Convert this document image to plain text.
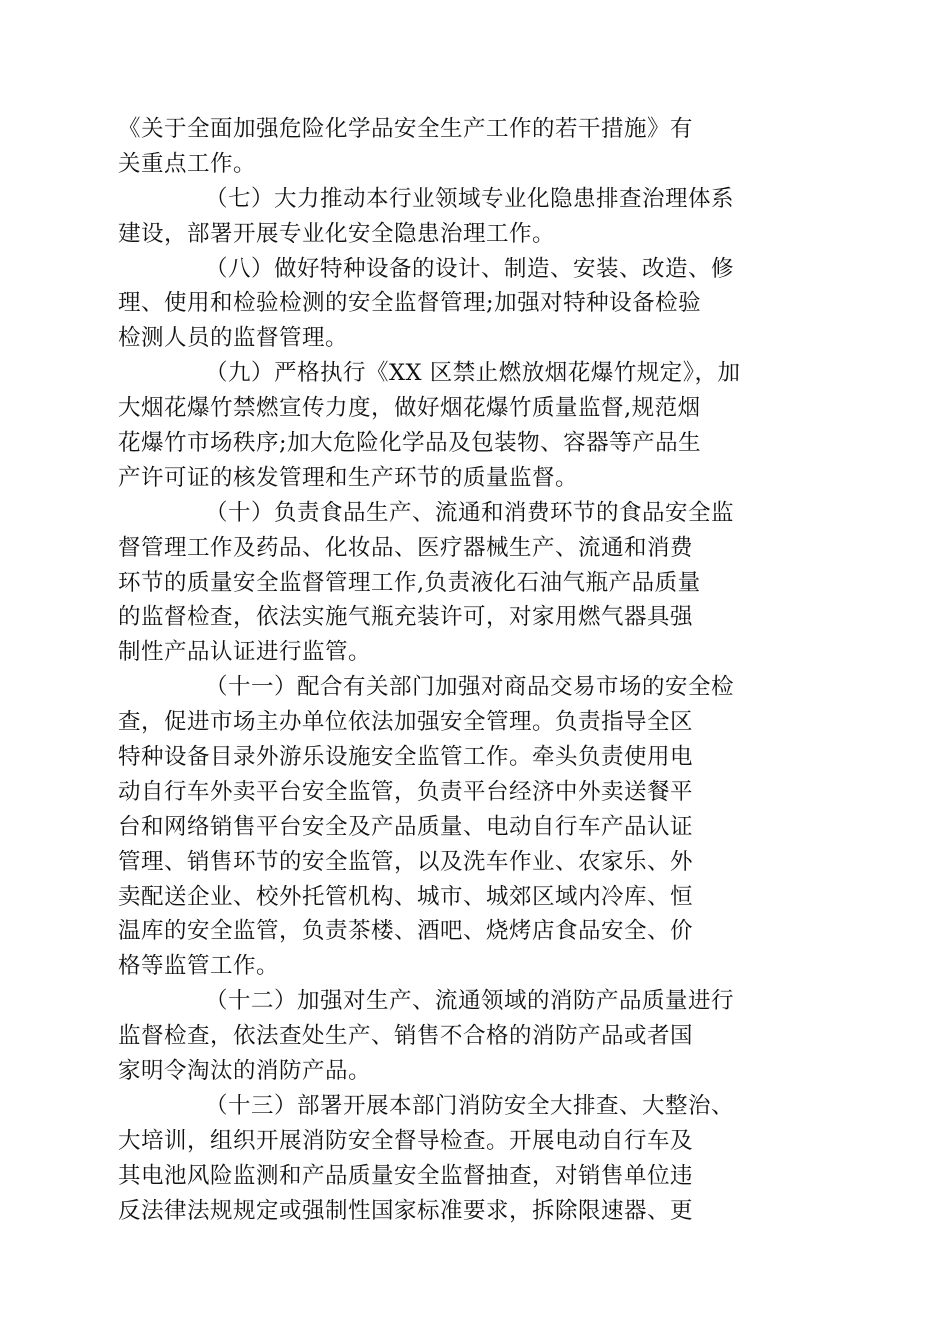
《关于全面加强危险化学品安全生产工作的若干措施》有
关重点工作。
（七）大力推动本行业领域专业化隐患排查治理体系
建设，部署开展专业化安全隐患治理工作。
（八）做好特种设备的设计、制造、安装、改造、修
理、使用和检验检测的安全监督管理;加强对特种设备检验
检测人员的监督管理。
（九）严格执行《XX 区禁止燃放烟花爆竹规定》，加
大烟花爆竹禁燃宣传力度，做好烟花爆竹质量监督,规范烟
花爆竹市场秩序;加大危险化学品及包装物、容器等产品生
产许可证的核发管理和生产环节的质量监督。
（十）负责食品生产、流通和消费环节的食品安全监
督管理工作及药品、化妆品、医疗器械生产、流通和消费
环节的质量安全监督管理工作,负责液化石油气瓶产品质量
的监督检查，依法实施气瓶充装许可，对家用燃气器具强
制性产品认证进行监管。
（十一）配合有关部门加强对商品交易市场的安全检
查，促进市场主办单位依法加强安全管理。负责指导全区
特种设备目录外游乐设施安全监管工作。牵头负责使用电
动自行车外卖平台安全监管，负责平台经济中外卖送餐平
台和网络销售平台安全及产品质量、电动自行车产品认证
管理、销售环节的安全监管，以及洗车作业、农家乐、外
卖配送企业、校外托管机构、城市、城郊区域内冷库、恒
温库的安全监管，负责茶楼、酒吧、烧烤店食品安全、价
格等监管工作。
（十二）加强对生产、流通领域的消防产品质量进行
监督检查，依法查处生产、销售不合格的消防产品或者国
家明令淘汰的消防产品。
（十三）部署开展本部门消防安全大排查、大整治、
大培训，组织开展消防安全督导检查。开展电动自行车及
其电池风险监测和产品质量安全监督抽查，对销售单位违
反法律法规规定或强制性国家标准要求，拆除限速器、更
